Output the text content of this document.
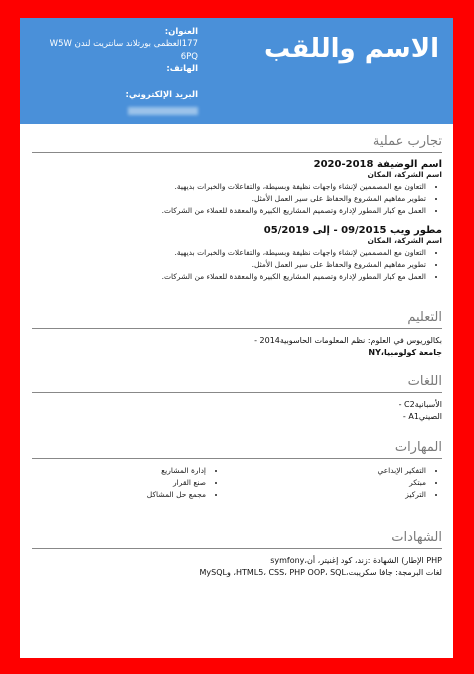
الاسم واللقب
العنوان:
177العظمى بورتلاند سانتريت لندن W5W 6PQ
الهاتف:
البريد الإلكتروني:
تجارب عملية
اسم الوضيفة 2018-2020
اسم الشركة، المكان
• التعاون مع المصممين لإنشاء واجهات نظيفة وبسيطة، والتفاعلات والخبرات بديهية.
• تطوير مفاهيم المشروع والحفاظ على سير العمل الأمثل.
• العمل مع كبار المطور لإدارة وتصميم المشاريع الكبيرة والمعقدة للعملاء من الشركات.
مطور ويب 09/2015 - إلى 05/2019
اسم الشركة، المكان
• التعاون مع المصممين لإنشاء واجهات نظيفة وبسيطة، والتفاعلات والخبرات بديهية.
• تطوير مفاهيم المشروع والحفاظ على سير العمل الأمثل.
• العمل مع كبار المطور لإدارة وتصميم المشاريع الكبيرة والمعقدة للعملاء من الشركات.
التعليم
بكالوريوس في العلوم: نظم المعلومات الحاسوبية2014 -
جامعة كولومبيا،NY
اللغات
الأسبانيةC2 -
الصينيA1 -
المهارات
• التفكير الإبداعي
• مبتكر
• التركيز
• إدارة المشاريع
• صنع القرار
• مجمع حل المشاكل
الشهادات
PHP الإطار) الشهادة :زند، كود إغنيتر، أن،symfony
لغات البرمجة: جافا سكريبت،HTML5، CSS، PHP OOP، SQL، وMySQL
